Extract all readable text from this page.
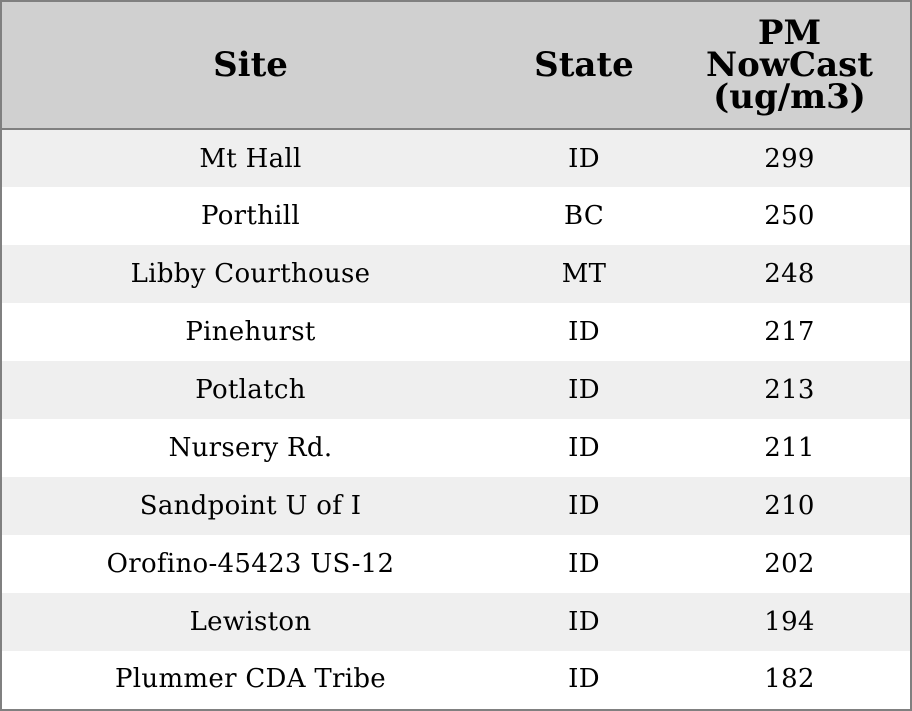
Site	State	PM
NowCast
(ug/m3)
Mt Hall	ID	299
Porthill	BC	250
Libby Courthouse	MT	248
Pinehurst	ID	217
Potlatch	ID	213
Nursery Rd.	ID	211
Sandpoint U of I	ID	210
Orofino-45423 US-12	ID	202
Lewiston	ID	194
Plummer CDA Tribe	ID	182
